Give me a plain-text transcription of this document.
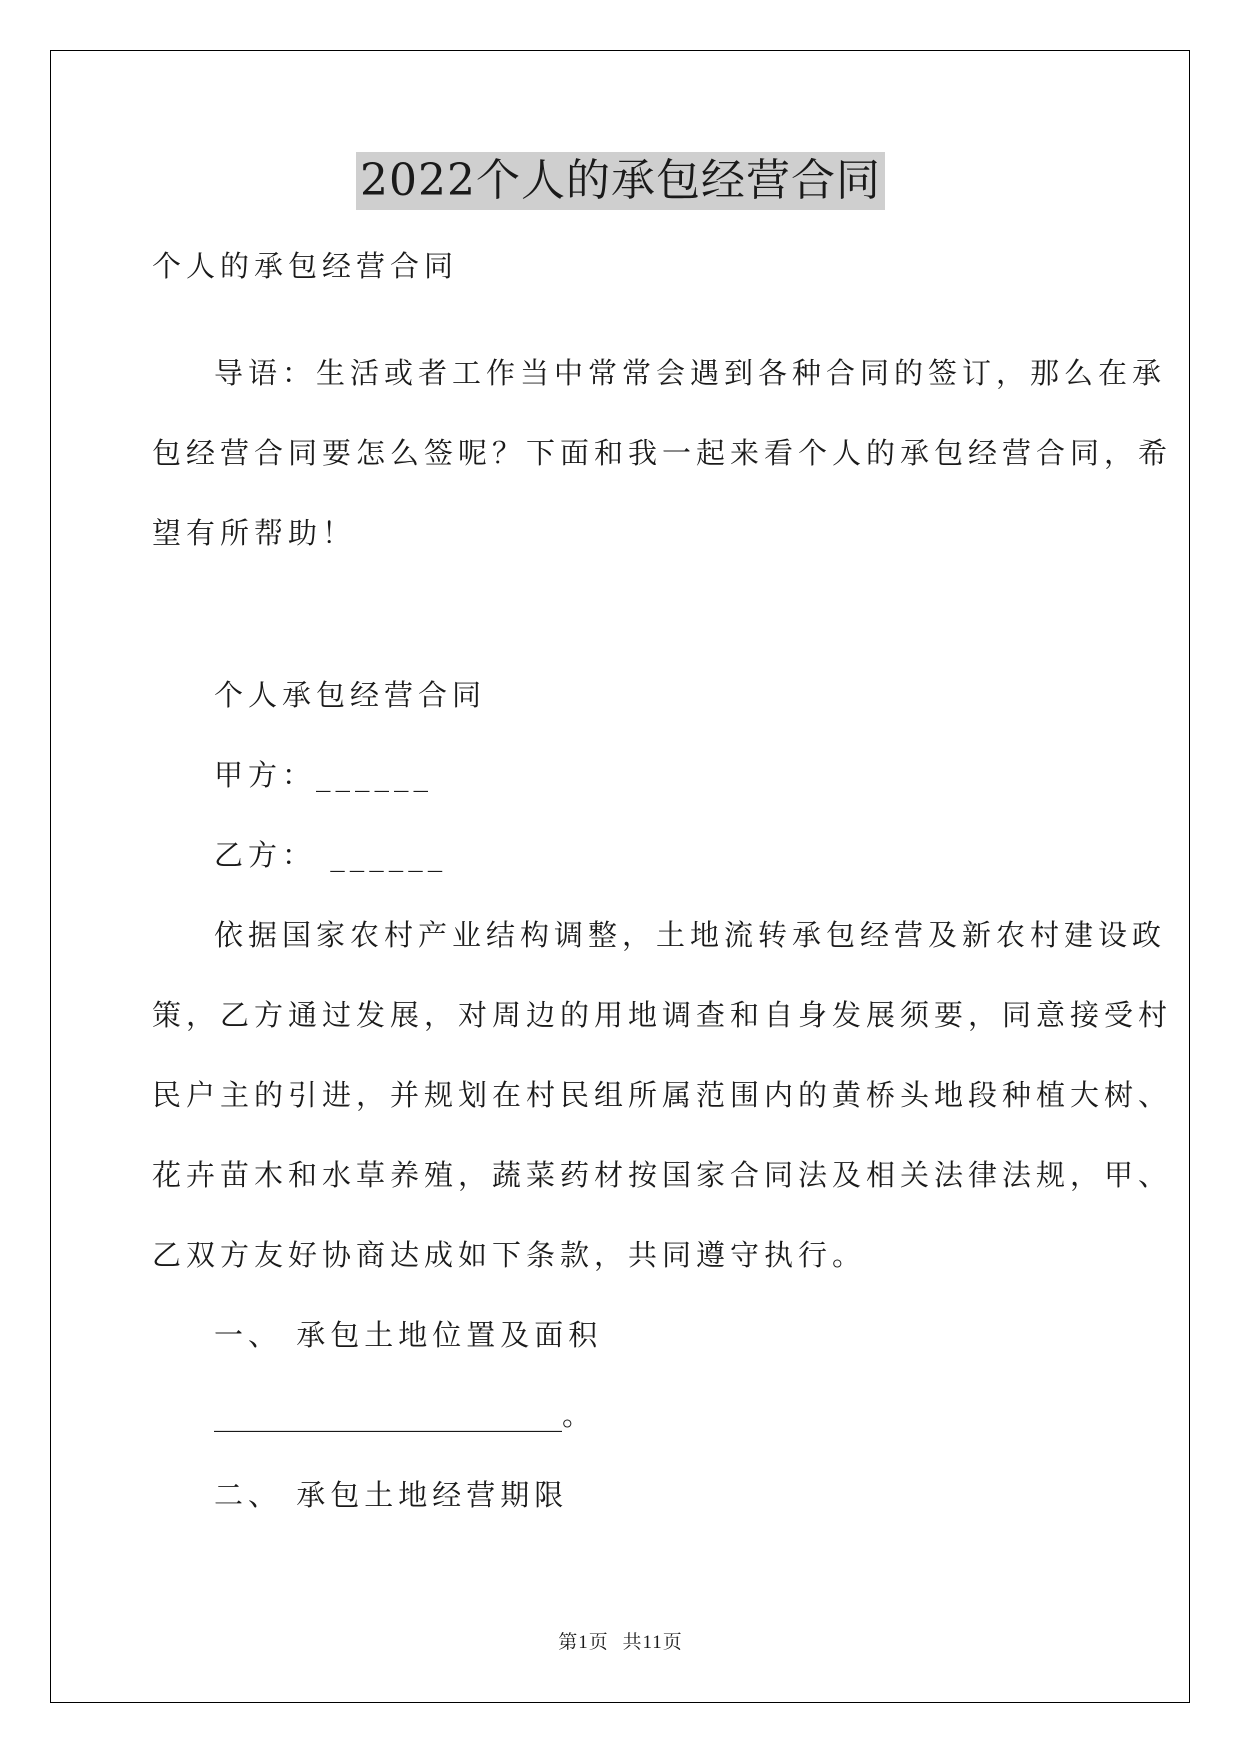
2022个人的承包经营合同
个人的承包经营合同
导语：生活或者工作当中常常会遇到各种合同的签订，那么在承
包经营合同要怎么签呢？下面和我一起来看个人的承包经营合同，希
望有所帮助！
个人承包经营合同
甲方：______
乙方： ______
依据国家农村产业结构调整，土地流转承包经营及新农村建设政
策，乙方通过发展，对周边的用地调查和自身发展须要，同意接受村
民户主的引进，并规划在村民组所属范围内的黄桥头地段种植大树、
花卉苗木和水草养殖，蔬菜药材按国家合同法及相关法律法规，甲、
乙双方友好协商达成如下条款，共同遵守执行。
一、 承包土地位置及面积
________________________。
二、 承包土地经营期限
第1页 共11页
